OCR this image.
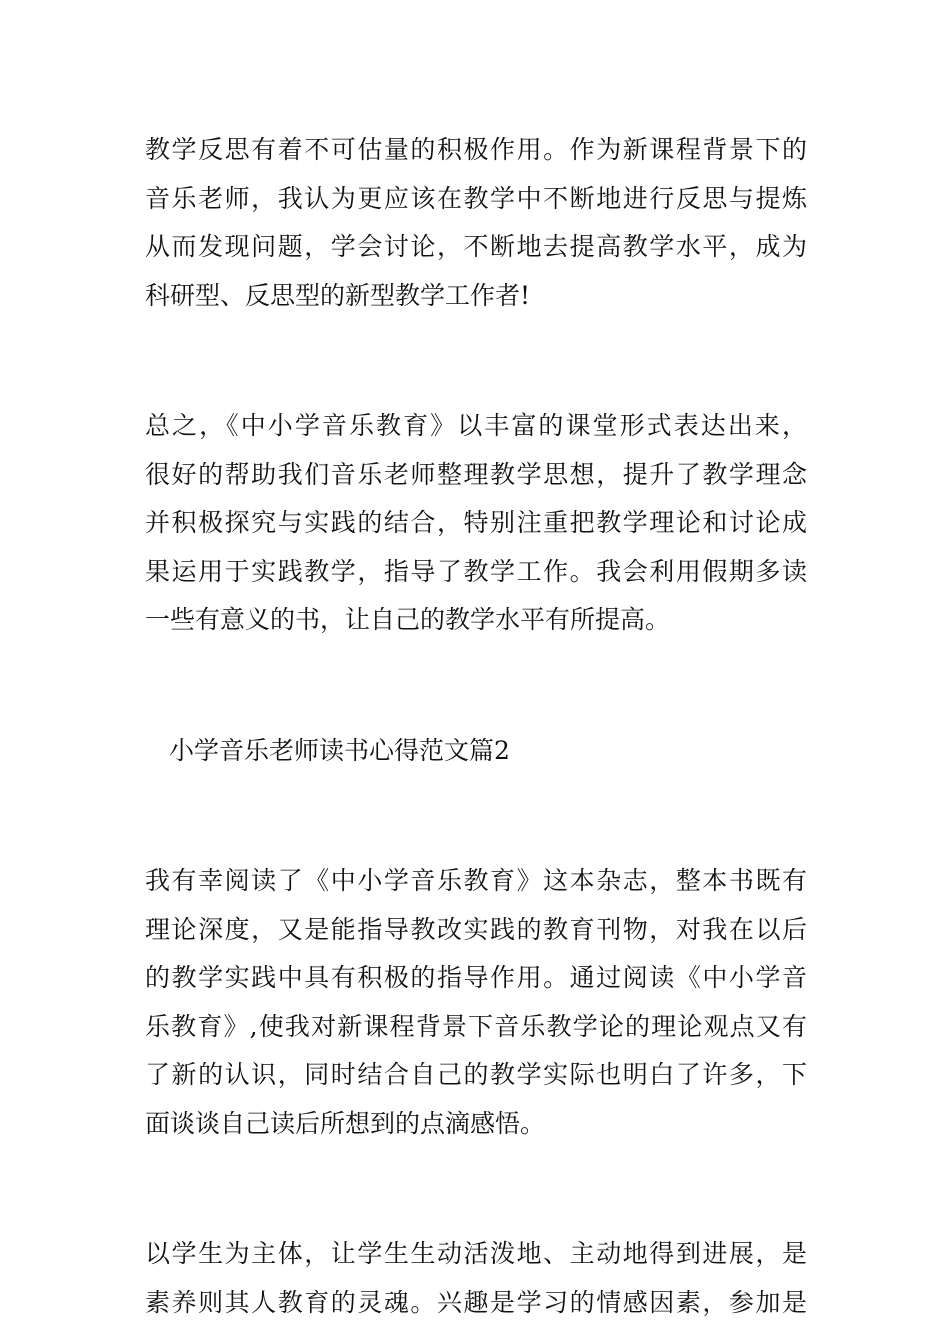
教学反思有着不可估量的积极作用。作为新课程背景下的
音乐老师，我认为更应该在教学中不断地进行反思与提炼
从而发现问题，学会讨论，不断地去提高教学水平，成为
科研型、反思型的新型教学工作者!
总之，《中小学音乐教育》以丰富的课堂形式表达出来，
很好的帮助我们音乐老师整理教学思想，提升了教学理念
并积极探究与实践的结合，特别注重把教学理论和讨论成
果运用于实践教学，指导了教学工作。我会利用假期多读
一些有意义的书，让自己的教学水平有所提高。
小学音乐老师读书心得范文篇2
我有幸阅读了《中小学音乐教育》这本杂志，整本书既有
理论深度，又是能指导教改实践的教育刊物，对我在以后
的教学实践中具有积极的指导作用。通过阅读《中小学音
乐教育》,使我对新课程背景下音乐教学论的理论观点又有
了新的认识，同时结合自己的教学实际也明白了许多，下
面谈谈自己读后所想到的点滴感悟。
以学生为主体，让学生生动活泼地、主动地得到进展，是
素养则其人教育的灵魂。兴趣是学习的情感因素，参加是
